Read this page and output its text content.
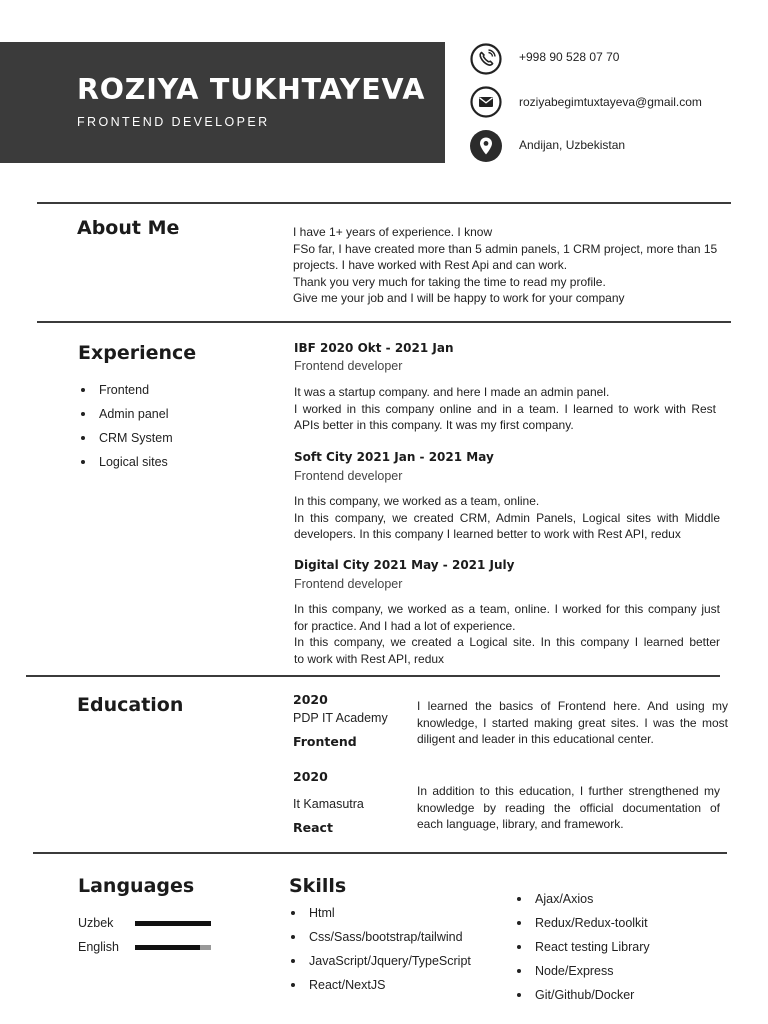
ROZIYA TUKHTAYEVA
FRONTEND DEVELOPER
+998 90 528 07 70
roziyabegimtuxtayeva@gmail.com
Andijan, Uzbekistan
About Me	I have 1+ years of experience. I know
FSo far, I have created more than 5 admin panels, 1 CRM project, more than 15
projects. I have worked with Rest Api and can work.
Thank you very much for taking the time to read my profile.
Give me your job and I will be happy to work for your company
Experience
Frontend
Admin panel
CRM System
Logical sites
IBF 2020 Okt - 2021 Jan
Frontend developer
It was a startup company. and here I made an admin panel.
I worked in this company online and in a team. I learned to work with Rest
APIs better in this company. It was my first company.
Soft City 2021 Jan - 2021 May
Frontend developer
In this company, we worked as a team, online.
In this company, we created CRM, Admin Panels, Logical sites with Middle
developers. In this company I learned better to work with Rest API, redux
Digital City 2021 May - 2021 July
Frontend developer
In this company, we worked as a team, online. I worked for this company just
for practice. And I had a lot of experience.
In this company, we created a Logical site. In this company I learned better
to work with Rest API, redux
Education	2020
PDP IT Academy
Frontend
I learned the basics of Frontend here. And using my
knowledge, I started making great sites. I was the most
diligent and leader in this educational center.
2020
It Kamasutra
React
In addition to this education, I further strengthened my
knowledge by reading the official documentation of
each language, library, and framework.
Languages
Uzbek
English
Skills
Html
Css/Sass/bootstrap/tailwind
JavaScript/Jquery/TypeScript
React/NextJS
Ajax/Axios
Redux/Redux-toolkit
React testing Library
Node/Express
Git/Github/Docker
